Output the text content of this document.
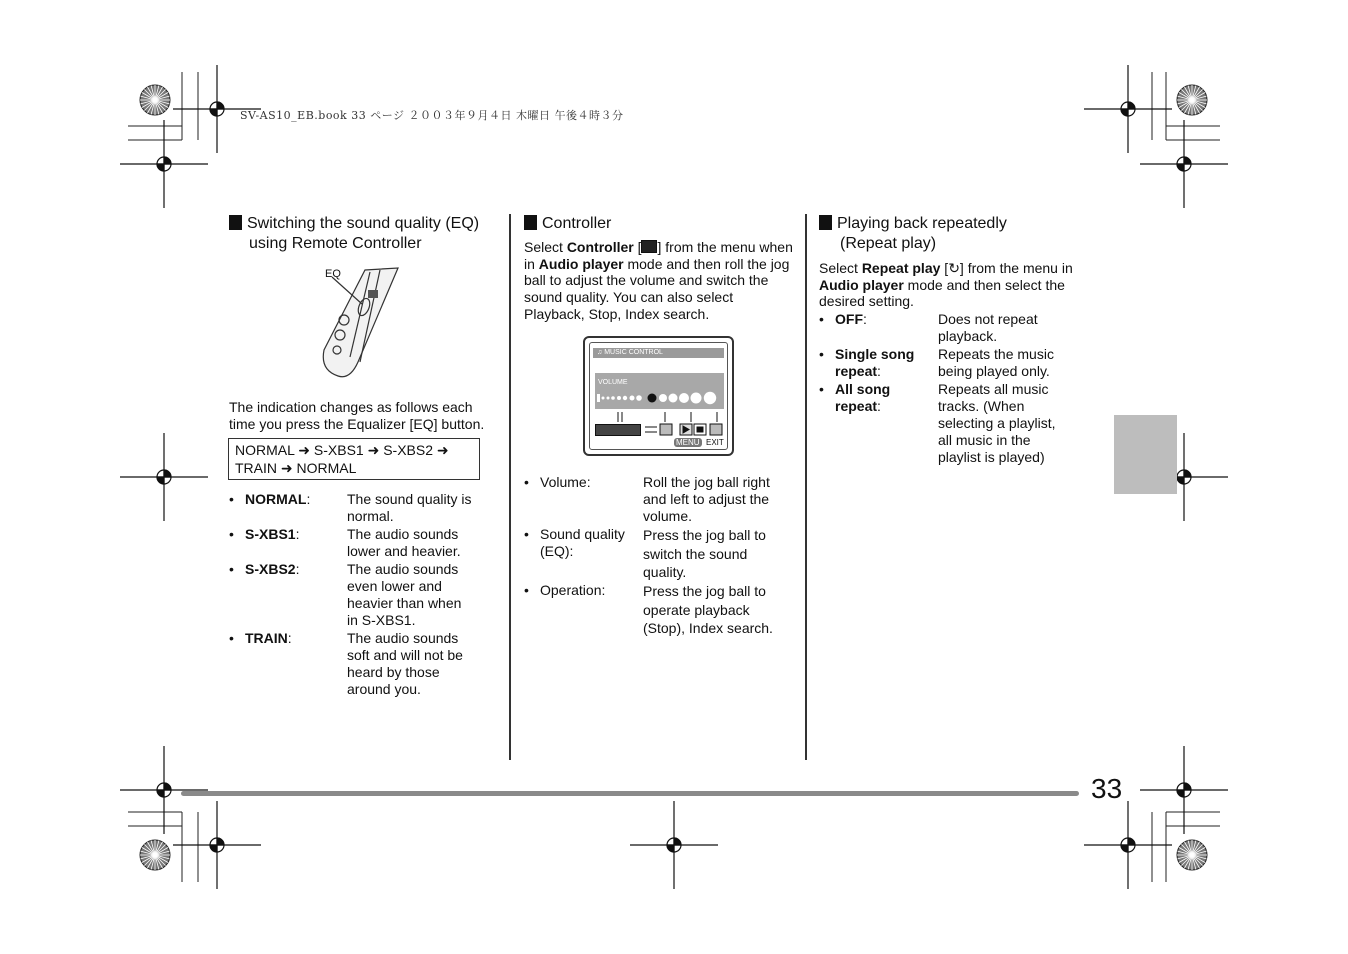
SV-AS10_EB.book 33 ページ ２００３年９月４日 木曜日 午後４時３分
Switching the sound quality (EQ)
using Remote Controller
EQ
The indication changes as follows each time you press the Equalizer [EQ] button.
NORMAL ➜ S-XBS1 ➜ S-XBS2 ➜
TRAIN ➜ NORMAL
• NORMAL :	The sound quality is normal.
• S-XBS1 :	The audio sounds lower and heavier.
• S-XBS2 :	The audio sounds even lower and heavier than when in S-XBS1.
• TRAIN :	The audio sounds soft and will not be heard by those around you.
Controller
Select Controller [ ] from the menu when in Audio player mode and then roll the jog ball to adjust the volume and switch the sound quality. You can also select Playback, Stop, Index search.
♫ MUSIC CONTROL
VOLUME
MENU EXIT
• Volume:	Roll the jog ball right and left to adjust the volume.
• Sound quality (EQ):
Press the jog ball to switch the sound quality.
• Operation:	Press the jog ball to operate playback (Stop), Index search.
Playing back repeatedly
(Repeat play)
Select Repeat play [↻] from the menu in Audio player mode and then select the desired setting.
• OFF :	Does not repeat playback.
• Single song repeat:
Repeats the music being played only.
• All song repeat:
Repeats all music tracks. (When selecting a playlist, all music in the playlist is played)
33
